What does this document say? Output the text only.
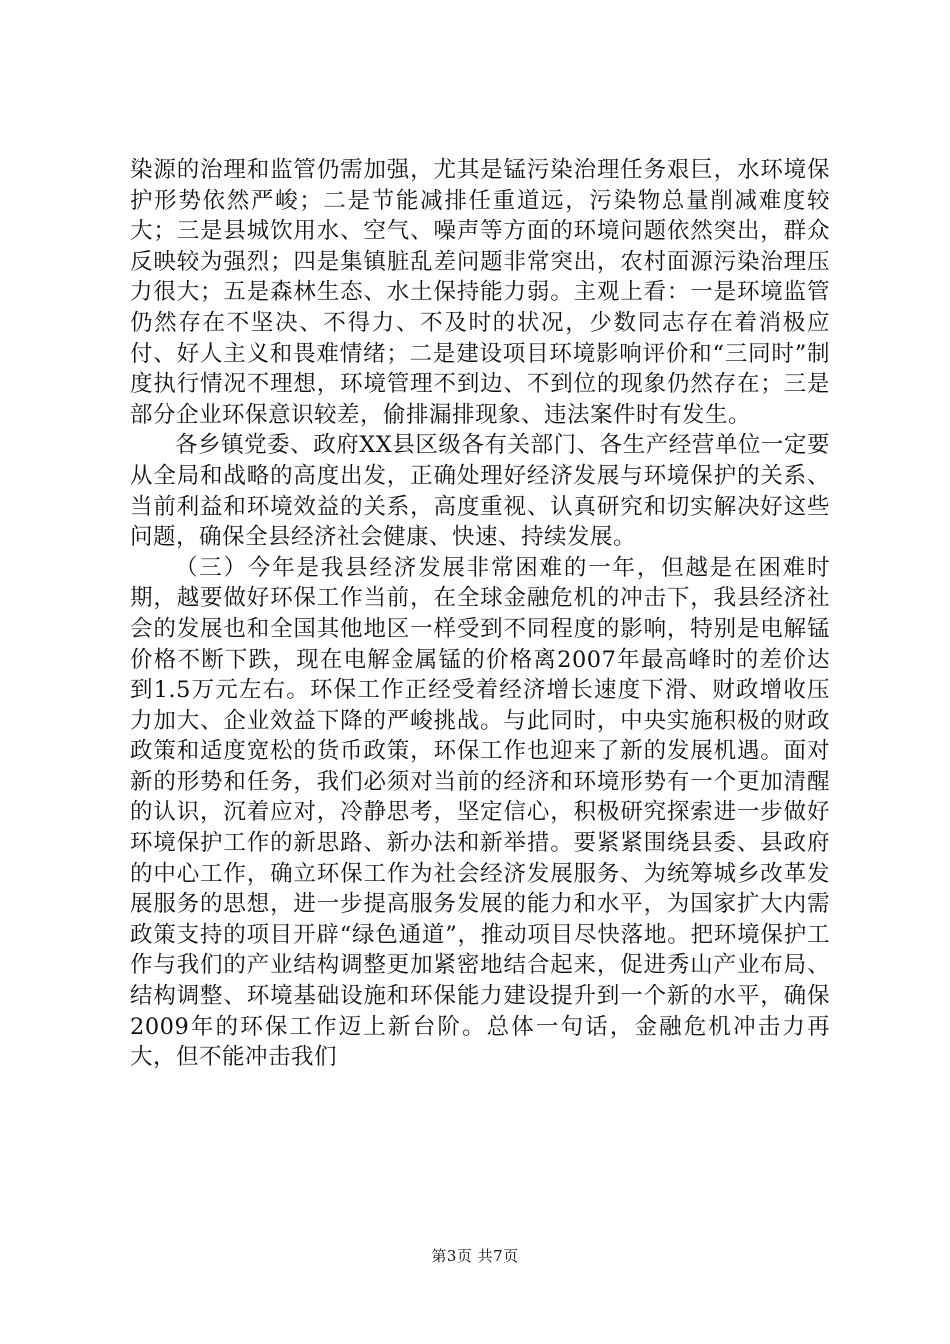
染源的治理和监管仍需加强，尤其是锰污染治理任务艰巨，水环境保护形势依然严峻；二是节能减排任重道远，污染物总量削减难度较大；三是县城饮用水、空气、噪声等方面的环境问题依然突出，群众反映较为强烈；四是集镇脏乱差问题非常突出，农村面源污染治理压力很大；五是森林生态、水土保持能力弱。主观上看：一是环境监管仍然存在不坚决、不得力、不及时的状况，少数同志存在着消极应付、好人主义和畏难情绪；二是建设项目环境影响评价和“三同时”制度执行情况不理想，环境管理不到边、不到位的现象仍然存在；三是部分企业环保意识较差，偷排漏排现象、违法案件时有发生。

各乡镇党委、政府XX县区级各有关部门、各生产经营单位一定要从全局和战略的高度出发，正确处理好经济发展与环境保护的关系、当前利益和环境效益的关系，高度重视、认真研究和切实解决好这些问题，确保全县经济社会健康、快速、持续发展。

（三）今年是我县经济发展非常困难的一年，但越是在困难时期，越要做好环保工作当前，在全球金融危机的冲击下，我县经济社会的发展也和全国其他地区一样受到不同程度的影响，特别是电解锰价格不断下跌，现在电解金属锰的价格离2007年最高峰时的差价达到1.5万元左右。环保工作正经受着经济增长速度下滑、财政增收压力加大、企业效益下降的严峻挑战。与此同时，中央实施积极的财政政策和适度宽松的货币政策，环保工作也迎来了新的发展机遇。面对新的形势和任务，我们必须对当前的经济和环境形势有一个更加清醒的认识，沉着应对，冷静思考，坚定信心，积极研究探索进一步做好环境保护工作的新思路、新办法和新举措。要紧紧围绕县委、县政府的中心工作，确立环保工作为社会经济发展服务、为统筹城乡改革发展服务的思想，进一步提高服务发展的能力和水平，为国家扩大内需政策支持的项目开辟“绿色通道”，推动项目尽快落地。把环境保护工作与我们的产业结构调整更加紧密地结合起来，促进秀山产业布局、结构调整、环境基础设施和环保能力建设提升到一个新的水平，确保2009年的环保工作迈上新台阶。总体一句话，金融危机冲击力再大，但不能冲击我们

第3页 共7页
